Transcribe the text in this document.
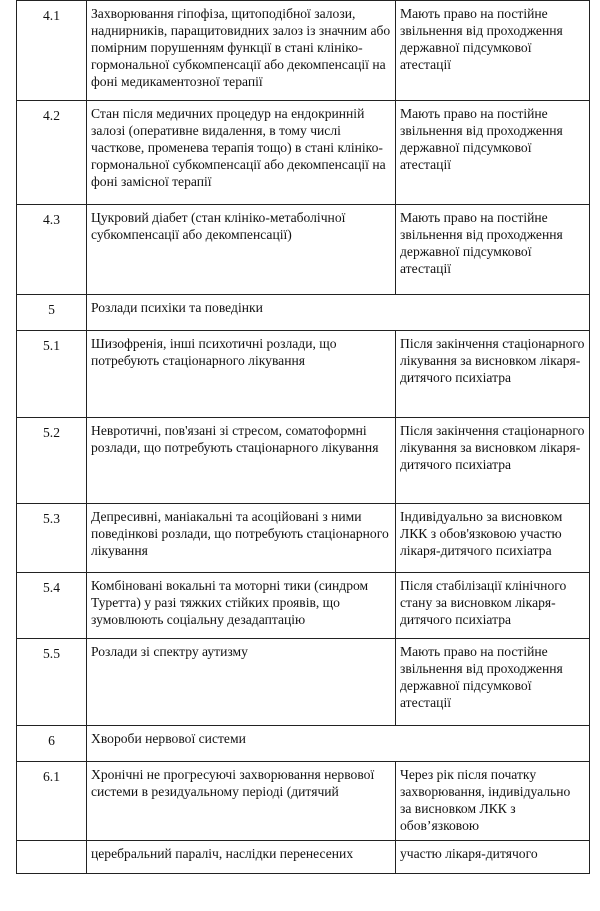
4.1	Захворювання гіпофіза, щитоподібної залози, наднирників, паращитовидних залоз із значним або помірним порушенням функції в стані клініко-гормональної субкомпенсації або декомпенсації на фоні медикаментозної терапії	Мають право на постійне звільнення від проходження державної підсумкової атестації
4.2	Стан після медичних процедур на ендокринній залозі (оперативне видалення, в тому числі часткове, променева терапія тощо) в стані клініко-гормональної субкомпенсації або декомпенсації на фоні замісної терапії	Мають право на постійне звільнення від проходження державної підсумкової атестації
4.3	Цукровий діабет (стан клініко-метаболічної субкомпенсації або декомпенсації)	Мають право на постійне звільнення від проходження державної підсумкової атестації
5	Розлади психіки та поведінки	
5.1	Шизофренія, інші психотичні розлади, що потребують стаціонарного лікування	Після закінчення стаціонарного лікування за висновком лікаря-дитячого психіатра
5.2	Невротичні, пов'язані зі стресом, соматоформні розлади, що потребують стаціонарного лікування	Після закінчення стаціонарного лікування за висновком лікаря-дитячого психіатра
5.3	Депресивні, маніакальні та асоційовані з ними поведінкові розлади, що потребують стаціонарного лікування	Індивідуально за висновком ЛКК з обов'язковою участю лікаря-дитячого психіатра
5.4	Комбіновані вокальні та моторні тики (синдром Туретта) у разі тяжких стійких проявів, що зумовлюють соціальну дезадаптацію	Після стабілізації клінічного стану за висновком лікаря-дитячого психіатра
5.5	Розлади зі спектру аутизму	Мають право на постійне звільнення від проходження державної підсумкової атестації
6	Хвороби нервової системи	
6.1	Хронічні не прогресуючі захворювання нервової системи в резидуальному періоді (дитячий	Через рік після початку захворювання, індивідуально за висновком ЛКК з обов’язковою
	церебральний параліч, наслідки перенесених	участю лікаря-дитячого
